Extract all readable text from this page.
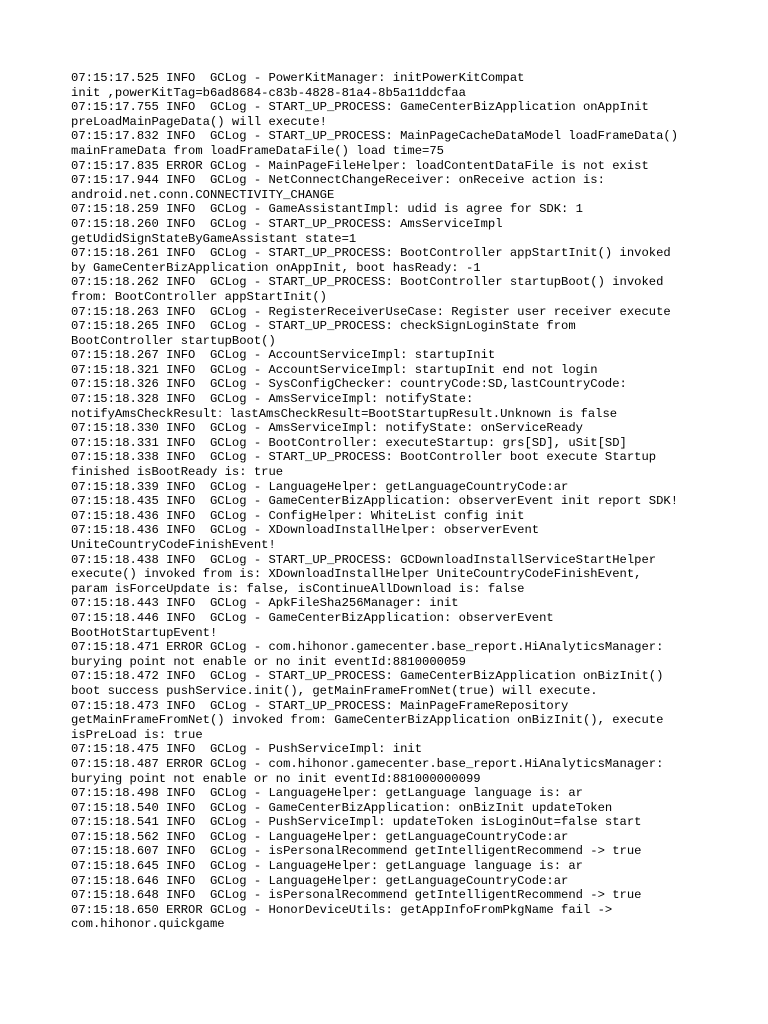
07:15:17.525 INFO  GCLog - PowerKitManager: initPowerKitCompat
init ,powerKitTag=b6ad8684-c83b-4828-81a4-8b5a11ddcfaa
07:15:17.755 INFO  GCLog - START_UP_PROCESS: GameCenterBizApplication onAppInit
preLoadMainPageData() will execute!
07:15:17.832 INFO  GCLog - START_UP_PROCESS: MainPageCacheDataModel loadFrameData()
mainFrameData from loadFrameDataFile() load time=75
07:15:17.835 ERROR GCLog - MainPageFileHelper: loadContentDataFile is not exist
07:15:17.944 INFO  GCLog - NetConnectChangeReceiver: onReceive action is:
android.net.conn.CONNECTIVITY_CHANGE
07:15:18.259 INFO  GCLog - GameAssistantImpl: udid is agree for SDK: 1
07:15:18.260 INFO  GCLog - START_UP_PROCESS: AmsServiceImpl
getUdidSignStateByGameAssistant state=1
07:15:18.261 INFO  GCLog - START_UP_PROCESS: BootController appStartInit() invoked
by GameCenterBizApplication onAppInit, boot hasReady: -1
07:15:18.262 INFO  GCLog - START_UP_PROCESS: BootController startupBoot() invoked
from: BootController appStartInit()
07:15:18.263 INFO  GCLog - RegisterReceiverUseCase: Register user receiver execute
07:15:18.265 INFO  GCLog - START_UP_PROCESS: checkSignLoginState from
BootController startupBoot()
07:15:18.267 INFO  GCLog - AccountServiceImpl: startupInit
07:15:18.321 INFO  GCLog - AccountServiceImpl: startupInit end not login
07:15:18.326 INFO  GCLog - SysConfigChecker: countryCode:SD,lastCountryCode:
07:15:18.328 INFO  GCLog - AmsServiceImpl: notifyState:
notifyAmsCheckResult：lastAmsCheckResult=BootStartupResult.Unknown is false
07:15:18.330 INFO  GCLog - AmsServiceImpl: notifyState: onServiceReady
07:15:18.331 INFO  GCLog - BootController: executeStartup: grs[SD], uSit[SD]
07:15:18.338 INFO  GCLog - START_UP_PROCESS: BootController boot execute Startup
finished isBootReady is: true
07:15:18.339 INFO  GCLog - LanguageHelper: getLanguageCountryCode:ar
07:15:18.435 INFO  GCLog - GameCenterBizApplication: observerEvent init report SDK!
07:15:18.436 INFO  GCLog - ConfigHelper: WhiteList config init
07:15:18.436 INFO  GCLog - XDownloadInstallHelper: observerEvent
UniteCountryCodeFinishEvent!
07:15:18.438 INFO  GCLog - START_UP_PROCESS: GCDownloadInstallServiceStartHelper
execute() invoked from is: XDownloadInstallHelper UniteCountryCodeFinishEvent,
param isForceUpdate is: false, isContinueAllDownload is: false
07:15:18.443 INFO  GCLog - ApkFileSha256Manager: init
07:15:18.446 INFO  GCLog - GameCenterBizApplication: observerEvent
BootHotStartupEvent!
07:15:18.471 ERROR GCLog - com.hihonor.gamecenter.base_report.HiAnalyticsManager:
burying point not enable or no init eventId:8810000059
07:15:18.472 INFO  GCLog - START_UP_PROCESS: GameCenterBizApplication onBizInit()
boot success pushService.init(), getMainFrameFromNet(true) will execute.
07:15:18.473 INFO  GCLog - START_UP_PROCESS: MainPageFrameRepository
getMainFrameFromNet() invoked from: GameCenterBizApplication onBizInit(), execute
isPreLoad is: true
07:15:18.475 INFO  GCLog - PushServiceImpl: init
07:15:18.487 ERROR GCLog - com.hihonor.gamecenter.base_report.HiAnalyticsManager:
burying point not enable or no init eventId:881000000099
07:15:18.498 INFO  GCLog - LanguageHelper: getLanguage language is: ar
07:15:18.540 INFO  GCLog - GameCenterBizApplication: onBizInit updateToken
07:15:18.541 INFO  GCLog - PushServiceImpl: updateToken isLoginOut=false start
07:15:18.562 INFO  GCLog - LanguageHelper: getLanguageCountryCode:ar
07:15:18.607 INFO  GCLog - isPersonalRecommend getIntelligentRecommend -> true
07:15:18.645 INFO  GCLog - LanguageHelper: getLanguage language is: ar
07:15:18.646 INFO  GCLog - LanguageHelper: getLanguageCountryCode:ar
07:15:18.648 INFO  GCLog - isPersonalRecommend getIntelligentRecommend -> true
07:15:18.650 ERROR GCLog - HonorDeviceUtils: getAppInfoFromPkgName fail ->
com.hihonor.quickgame
